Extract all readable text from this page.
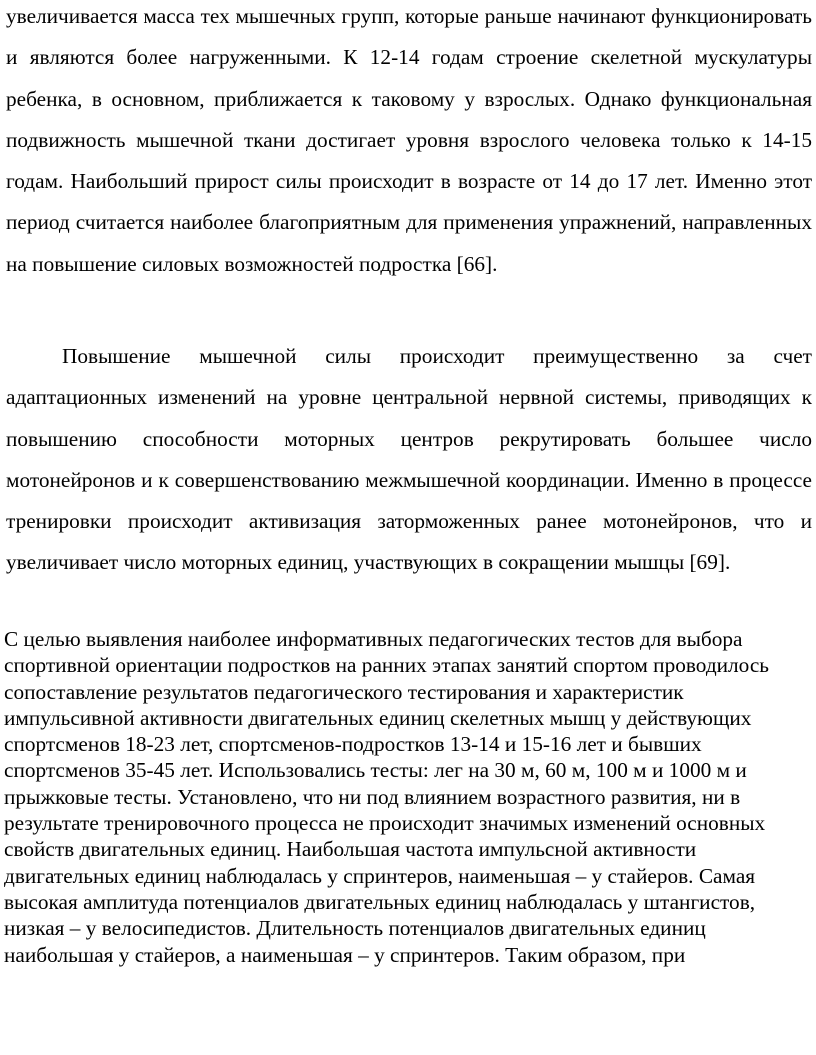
увеличивается масса тех мышечных групп, которые раньше начинают функционировать и являются более нагруженными. К 12-14 годам строение скелетной мускулатуры ребенка, в основном, приближается к таковому у взрослых. Однако функциональная подвижность мышечной ткани достигает уровня взрослого человека только к 14-15 годам. Наибольший прирост силы происходит в возрасте от 14 до 17 лет. Именно этот период считается наиболее благоприятным для применения упражнений, направленных на повышение силовых возможностей подростка [66].

Повышение мышечной силы происходит преимущественно за счет адаптационных изменений на уровне центральной нервной системы, приводящих к повышению способности моторных центров рекрутировать большее число мотонейронов и к совершенствованию межмышечной координации. Именно в процессе тренировки происходит активизация заторможенных ранее мотонейронов, что и увеличивает число моторных единиц, участвующих в сокращении мышцы [69].

С целью выявления наиболее информативных педагогических тестов для выбора спортивной ориентации подростков на ранних этапах занятий спортом проводилось сопоставление результатов педагогического тестирования и характеристик импульсивной активности двигательных единиц скелетных мышц у действующих спортсменов 18-23 лет, спортсменов-подростков 13-14 и 15-16 лет и бывших спортсменов 35-45 лет. Использовались тесты: лег на 30 м, 60 м, 100 м и 1000 м и прыжковые тесты. Установлено, что ни под влиянием возрастного развития, ни в результате тренировочного процесса не происходит значимых изменений основных свойств двигательных единиц. Наибольшая частота импульсной активности двигательных единиц наблюдалась у спринтеров, наименьшая – у стайеров. Самая высокая амплитуда потенциалов двигательных единиц наблюдалась у штангистов, низкая – у велосипедистов. Длительность потенциалов двигательных единиц наибольшая у стайеров, а наименьшая – у спринтеров. Таким образом, при
